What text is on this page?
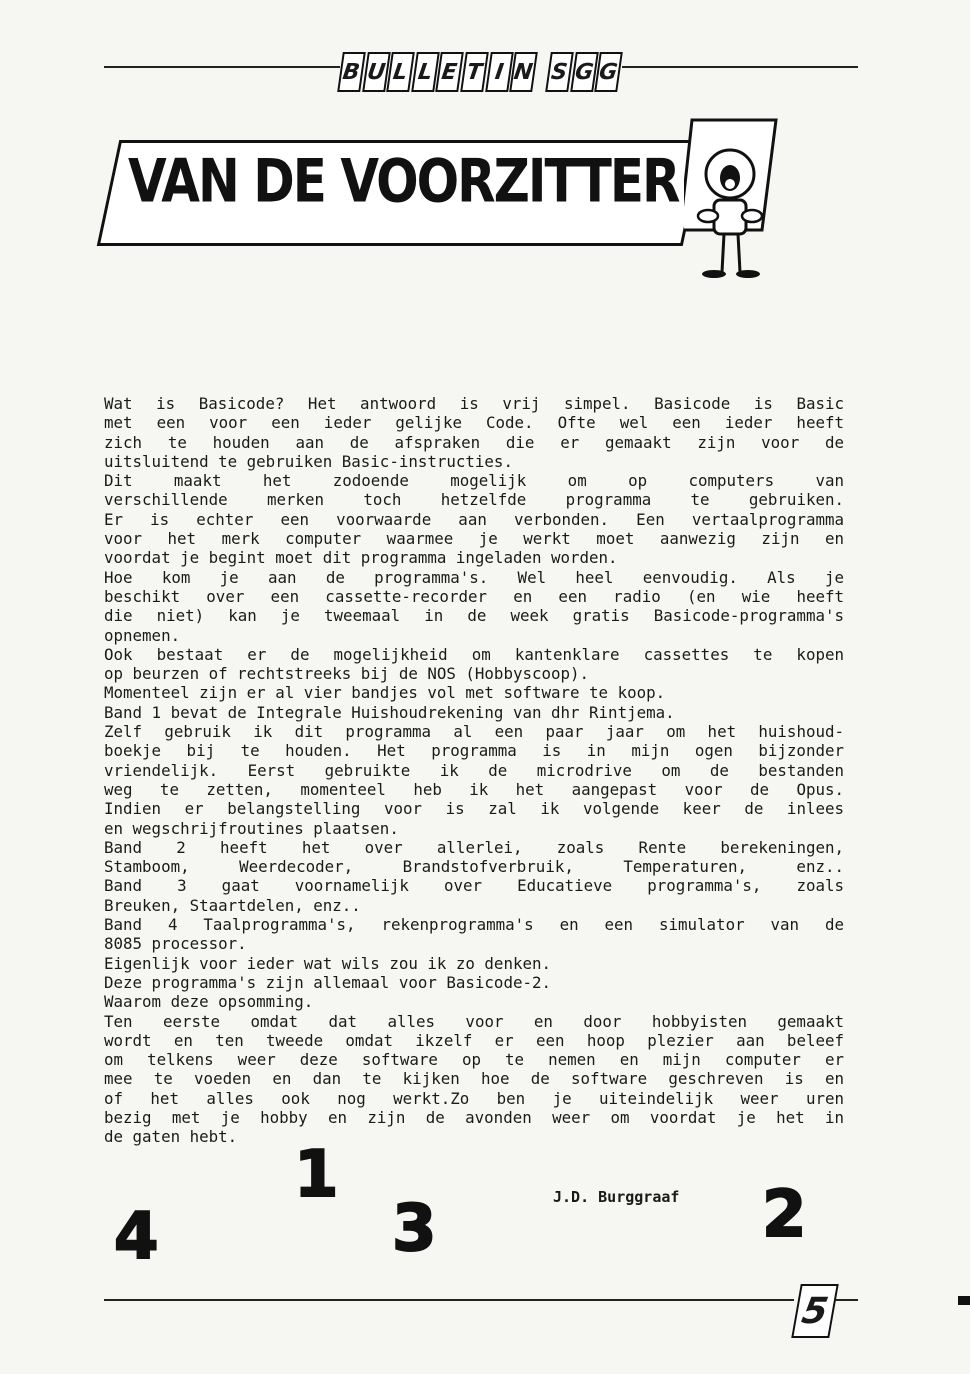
B U L L E T I N S G G
VAN DE VOORZITTER
Wat is Basicode? Het antwoord is vrij simpel. Basicode is Basic
met een voor een ieder gelijke Code. Ofte wel een ieder heeft
zich te houden aan de afspraken die er gemaakt zijn voor de
uitsluitend te gebruiken Basic-instructies.
Dit maakt het zodoende mogelijk om op computers van
verschillende merken toch hetzelfde programma te gebruiken.
Er is echter een voorwaarde aan verbonden. Een vertaalprogramma
voor het merk computer waarmee je werkt moet aanwezig zijn en
voordat je begint moet dit programma ingeladen worden.
Hoe kom je aan de programma's. Wel heel eenvoudig. Als je
beschikt over een cassette-recorder en een radio (en wie heeft
die niet) kan je tweemaal in de week gratis Basicode-programma's
opnemen.
Ook bestaat er de mogelijkheid om kantenklare cassettes te kopen
op beurzen of rechtstreeks bij de NOS (Hobbyscoop).
Momenteel zijn er al vier bandjes vol met software te koop.
Band 1 bevat de Integrale Huishoudrekening van dhr Rintjema.
Zelf gebruik ik dit programma al een paar jaar om het huishoud-
boekje bij te houden. Het programma is in mijn ogen bijzonder
vriendelijk. Eerst gebruikte ik de microdrive om de bestanden
weg te zetten, momenteel heb ik het aangepast voor de Opus.
Indien er belangstelling voor is zal ik volgende keer de inlees
en wegschrijfroutines plaatsen.
Band 2 heeft het over allerlei, zoals Rente berekeningen,
Stamboom, Weerdecoder, Brandstofverbruik, Temperaturen, enz..
Band 3 gaat voornamelijk over Educatieve programma's, zoals
Breuken, Staartdelen, enz..
Band 4 Taalprogramma's, rekenprogramma's en een simulator van de
8085 processor.
Eigenlijk voor ieder wat wils zou ik zo denken.
Deze programma's zijn allemaal voor Basicode-2.
Waarom deze opsomming.
Ten eerste omdat dat alles voor en door hobbyisten gemaakt
wordt en ten tweede omdat ikzelf er een hoop plezier aan beleef
om telkens weer deze software op te nemen en mijn computer er
mee te voeden en dan te kijken hoe de software geschreven is en
of het alles ook nog werkt.Zo ben je uiteindelijk weer uren
bezig met je hobby en zijn de avonden weer om voordat je het in
de gaten hebt.
1
3
4	2
J.D. Burggraaf
5
